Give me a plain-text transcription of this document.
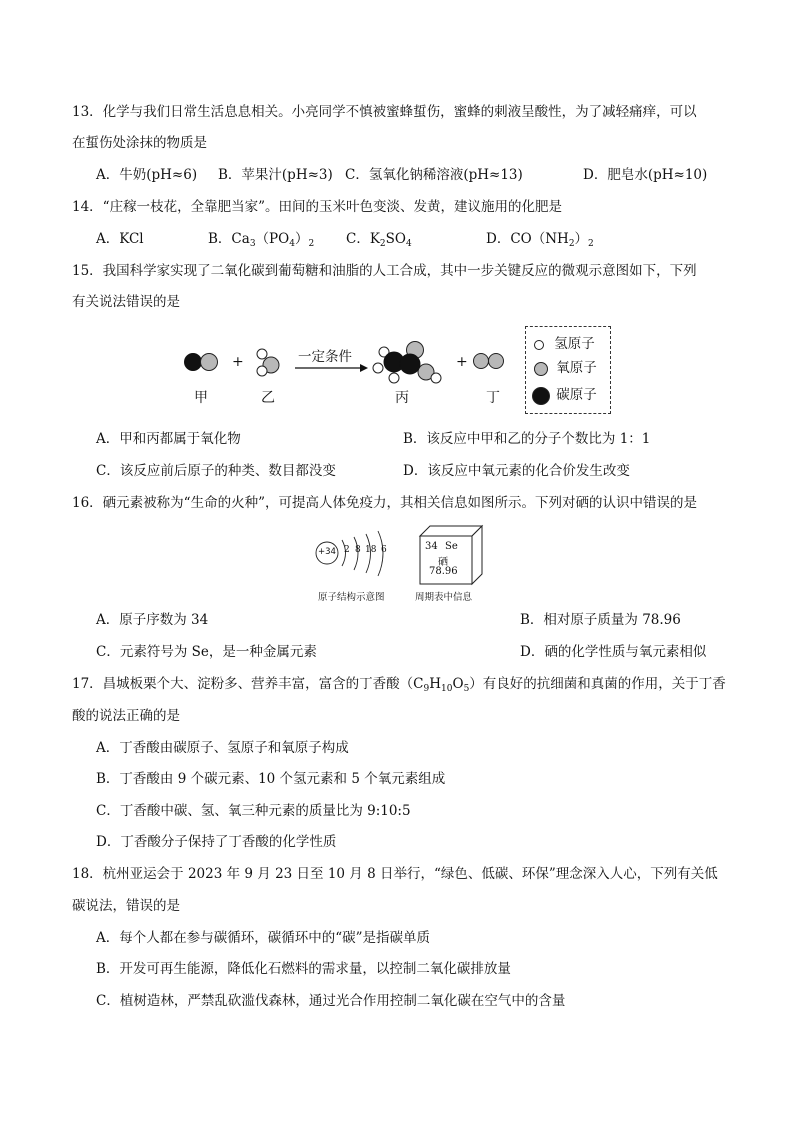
13．化学与我们日常生活息息相关。小亮同学不慎被蜜蜂蜇伤，蜜蜂的刺液呈酸性，为了减轻痛痒，可以
在蜇伤处涂抹的物质是
A．牛奶(pH≈6) B．苹果汁(pH≈3) C．氢氧化钠稀溶液(pH≈13)	D．肥皂水(pH≈10)
14．“庄稼一枝花，全靠肥当家”。田间的玉米叶色变淡、发黄，建议施用的化肥是
A．KCl	B．$Ca_3(PO_4)_2$ C．$K_2SO_4$	D．$CO(NH_2)_2$
15．我国科学家实现了二氧化碳到葡萄糖和油脂的人工合成，其中一步关键反应的微观示意图如下，下列
有关说法错误的是
+	+
一定条件
甲	乙	丙	丁
氢原子
氧原子
碳原子
A．甲和丙都属于氧化物	B．该反应中甲和乙的分子个数比为 1：1
C．该反应前后原子的种类、数目都没变	D．该反应中氧元素的化合价发生改变
16．硒元素被称为“生命的火种”，可提高人体免疫力，其相关信息如图所示。下列对硒的认识中错误的是
+34 2 8 18 6	34 Se
硒
78.96
原子结构示意图	周期表中信息
A．原子序数为 34	B．相对原子质量为 78.96
C．元素符号为 Se，是一种金属元素	D．硒的化学性质与氧元素相似
17．昌城板栗个大、淀粉多、营养丰富，富含的丁香酸$(C_9H_{10}O_5)$有良好的抗细菌和真菌的作用，关于丁香
酸的说法正确的是
A．丁香酸由碳原子、氢原子和氧原子构成
B．丁香酸由 9 个碳元素、10 个氢元素和 5 个氧元素组成
C．丁香酸中碳、氢、氧三种元素的质量比为 9:10:5
D．丁香酸分子保持了丁香酸的化学性质
18．杭州亚运会于 2023 年 9 月 23 日至 10 月 8 日举行，“绿色、低碳、环保”理念深入人心，下列有关低
碳说法，错误的是
A．每个人都在参与碳循环，碳循环中的“碳”是指碳单质
B．开发可再生能源，降低化石燃料的需求量，以控制二氧化碳排放量
C．植树造林，严禁乱砍滥伐森林，通过光合作用控制二氧化碳在空气中的含量
